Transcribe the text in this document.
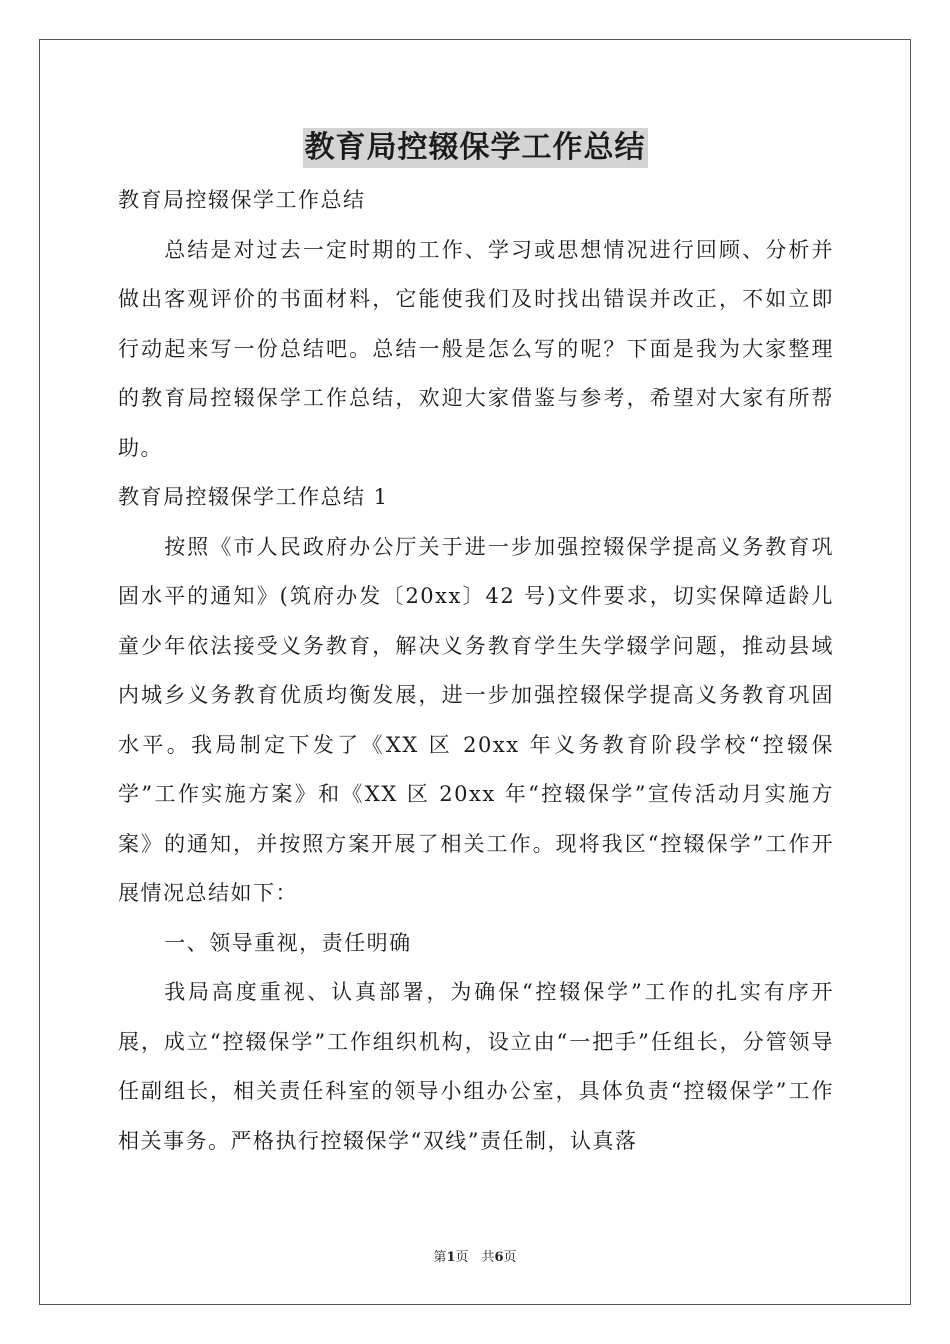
教育局控辍保学工作总结

教育局控辍保学工作总结

总结是对过去一定时期的工作、学习或思想情况进行回顾、分析并做出客观评价的书面材料，它能使我们及时找出错误并改正，不如立即行动起来写一份总结吧。总结一般是怎么写的呢？下面是我为大家整理的教育局控辍保学工作总结，欢迎大家借鉴与参考，希望对大家有所帮助。

教育局控辍保学工作总结 1

按照《市人民政府办公厅关于进一步加强控辍保学提高义务教育巩固水平的通知》(筑府办发〔20xx〕42 号)文件要求，切实保障适龄儿童少年依法接受义务教育，解决义务教育学生失学辍学问题，推动县域内城乡义务教育优质均衡发展，进一步加强控辍保学提高义务教育巩固水平。我局制定下发了《XX 区 20xx 年义务教育阶段学校“控辍保学”工作实施方案》和《XX 区 20xx 年“控辍保学”宣传活动月实施方案》的通知，并按照方案开展了相关工作。现将我区“控辍保学”工作开展情况总结如下：

一、领导重视，责任明确

我局高度重视、认真部署，为确保“控辍保学”工作的扎实有序开展，成立“控辍保学”工作组织机构，设立由“一把手”任组长，分管领导任副组长，相关责任科室的领导小组办公室，具体负责“控辍保学”工作相关事务。严格执行控辍保学“双线”责任制，认真落

第1页　共6页
